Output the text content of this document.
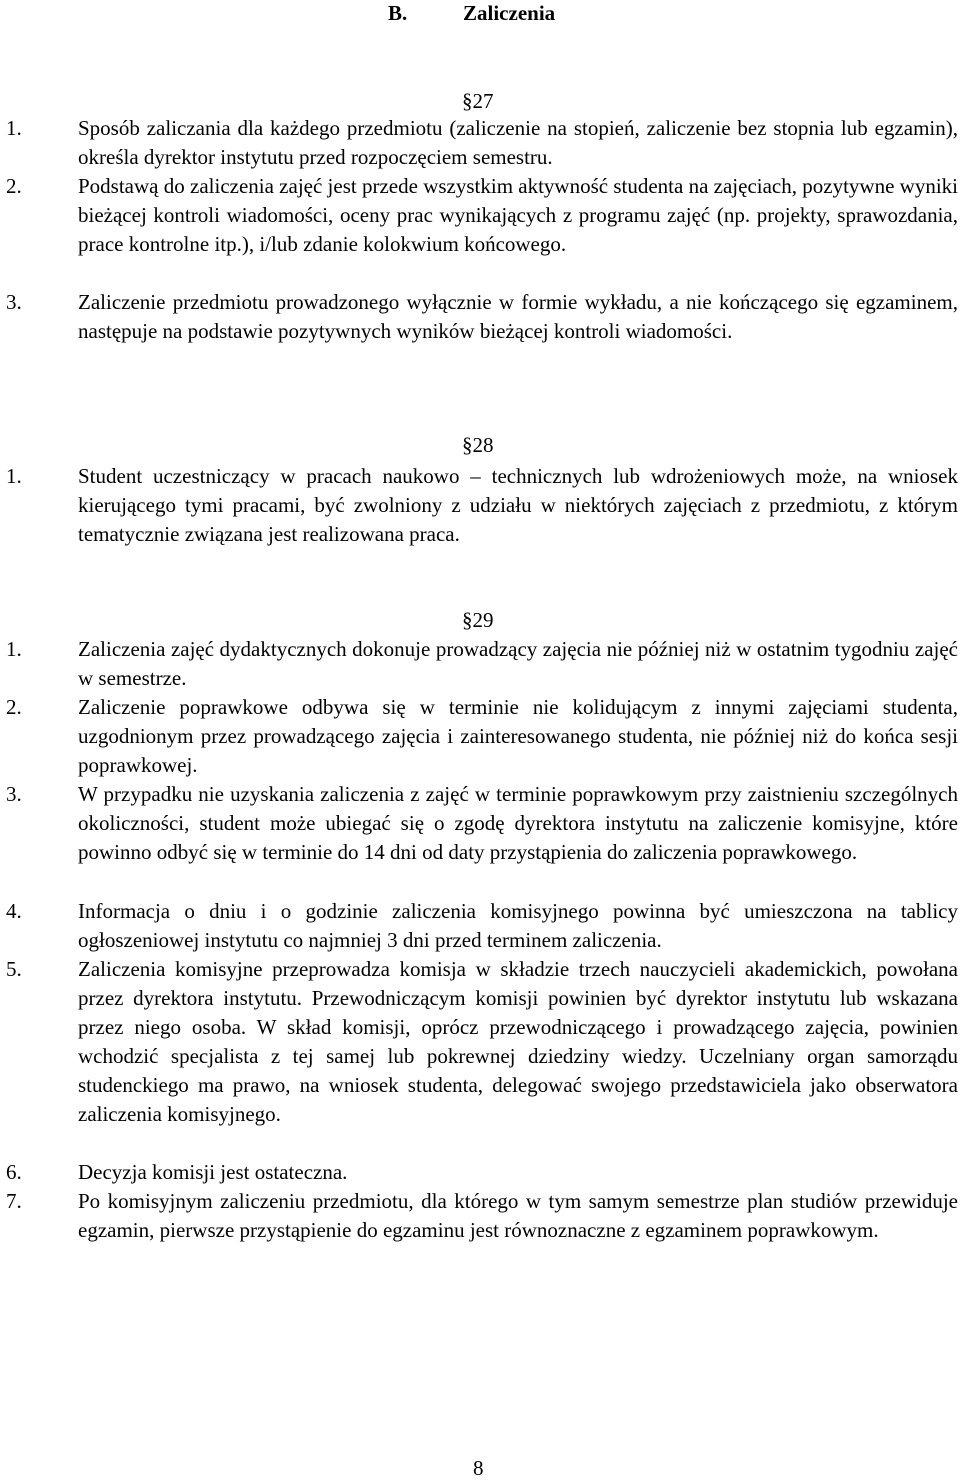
B.	Zaliczenia
§27
1.	Sposób zaliczania dla każdego przedmiotu (zaliczenie na stopień, zaliczenie bez stopnia lub egzamin), określa dyrektor instytutu przed rozpoczęciem semestru.
2.	Podstawą do zaliczenia zajęć jest przede wszystkim aktywność studenta na zajęciach, pozytywne wyniki bieżącej kontroli wiadomości, oceny prac wynikających z programu zajęć (np. projekty, sprawozdania, prace kontrolne itp.), i/lub zdanie kolokwium końcowego.
3.	Zaliczenie przedmiotu prowadzonego wyłącznie w formie wykładu, a nie kończącego się egzaminem, następuje na podstawie pozytywnych wyników bieżącej kontroli wiadomości.
§28
1.	Student uczestniczący w pracach naukowo – technicznych lub wdrożeniowych może, na wniosek kierującego tymi pracami, być zwolniony z udziału w niektórych zajęciach z przedmiotu, z którym tematycznie związana jest realizowana praca.
§29
1.	Zaliczenia zajęć dydaktycznych dokonuje prowadzący zajęcia nie później niż w ostatnim tygodniu zajęć w semestrze.
2.	Zaliczenie poprawkowe odbywa się w terminie nie kolidującym z innymi zajęciami studenta, uzgodnionym przez prowadzącego zajęcia i zainteresowanego studenta, nie później niż do końca sesji poprawkowej.
3.	W przypadku nie uzyskania zaliczenia z zajęć w terminie poprawkowym przy zaistnieniu szczególnych okoliczności, student może ubiegać się o zgodę dyrektora instytutu na zaliczenie komisyjne, które powinno odbyć się w terminie do 14 dni od daty przystąpienia do zaliczenia poprawkowego.
4.	Informacja o dniu i o godzinie zaliczenia komisyjnego powinna być umieszczona na tablicy ogłoszeniowej instytutu co najmniej 3 dni przed terminem zaliczenia.
5.	Zaliczenia komisyjne przeprowadza komisja w składzie trzech nauczycieli akademickich, powołana przez dyrektora instytutu. Przewodniczącym komisji powinien być dyrektor instytutu lub wskazana przez niego osoba. W skład komisji, oprócz przewodniczącego i prowadzącego zajęcia, powinien wchodzić specjalista z tej samej lub pokrewnej dziedziny wiedzy. Uczelniany organ samorządu studenckiego ma prawo, na wniosek studenta, delegować swojego przedstawiciela jako obserwatora zaliczenia komisyjnego.
6.	Decyzja komisji jest ostateczna.
7.	Po komisyjnym zaliczeniu przedmiotu, dla którego w tym samym semestrze plan studiów przewiduje egzamin, pierwsze przystąpienie do egzaminu jest równoznaczne z egzaminem poprawkowym.
8
